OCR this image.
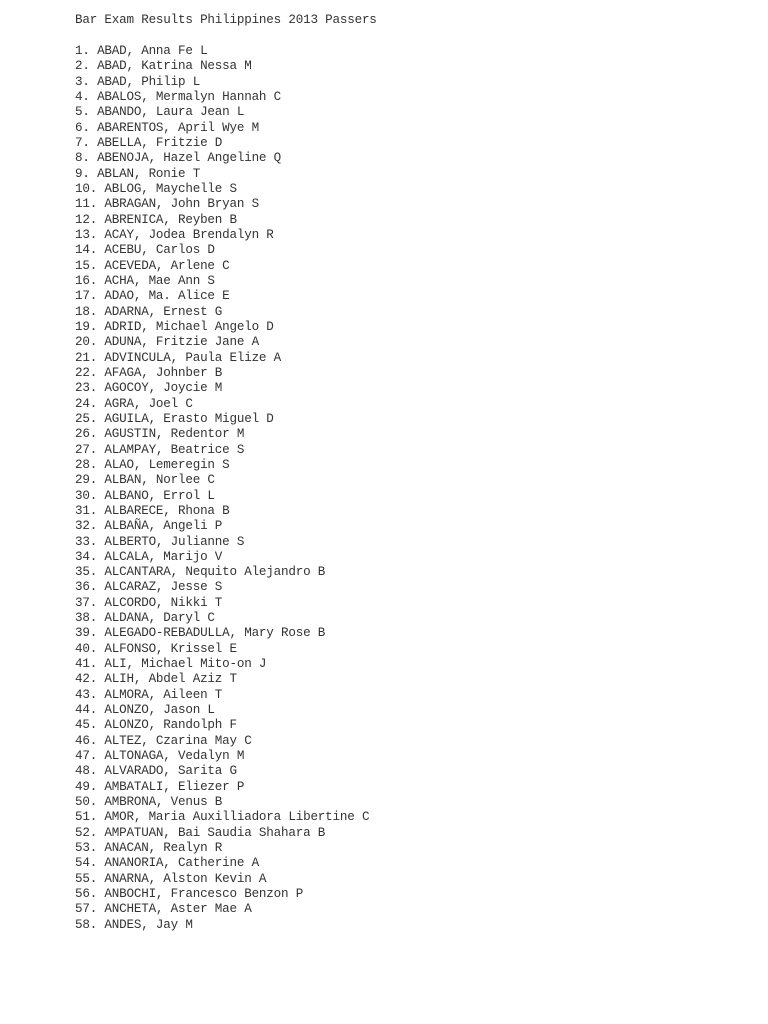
Bar Exam Results Philippines 2013 Passers
1. ABAD, Anna Fe L
2. ABAD, Katrina Nessa M
3. ABAD, Philip L
4. ABALOS, Mermalyn Hannah C
5. ABANDO, Laura Jean L
6. ABARENTOS, April Wye M
7. ABELLA, Fritzie D
8. ABENOJA, Hazel Angeline Q
9. ABLAN, Ronie T
10. ABLOG, Maychelle S
11. ABRAGAN, John Bryan S
12. ABRENICA, Reyben B
13. ACAY, Jodea Brendalyn R
14. ACEBU, Carlos D
15. ACEVEDA, Arlene C
16. ACHA, Mae Ann S
17. ADAO, Ma. Alice E
18. ADARNA, Ernest G
19. ADRID, Michael Angelo D
20. ADUNA, Fritzie Jane A
21. ADVINCULA, Paula Elize A
22. AFAGA, Johnber B
23. AGOCOY, Joycie M
24. AGRA, Joel C
25. AGUILA, Erasto Miguel D
26. AGUSTIN, Redentor M
27. ALAMPAY, Beatrice S
28. ALAO, Lemeregin S
29. ALBAN, Norlee C
30. ALBANO, Errol L
31. ALBARECE, Rhona B
32. ALBAÑA, Angeli P
33. ALBERTO, Julianne S
34. ALCALA, Marijo V
35. ALCANTARA, Nequito Alejandro B
36. ALCARAZ, Jesse S
37. ALCORDO, Nikki T
38. ALDANA, Daryl C
39. ALEGADO-REBADULLA, Mary Rose B
40. ALFONSO, Krissel E
41. ALI, Michael Mito-on J
42. ALIH, Abdel Aziz T
43. ALMORA, Aileen T
44. ALONZO, Jason L
45. ALONZO, Randolph F
46. ALTEZ, Czarina May C
47. ALTONAGA, Vedalyn M
48. ALVARADO, Sarita G
49. AMBATALI, Eliezer P
50. AMBRONA, Venus B
51. AMOR, Maria Auxilliadora Libertine C
52. AMPATUAN, Bai Saudia Shahara B
53. ANACAN, Realyn R
54. ANANORIA, Catherine A
55. ANARNA, Alston Kevin A
56. ANBOCHI, Francesco Benzon P
57. ANCHETA, Aster Mae A
58. ANDES, Jay M
